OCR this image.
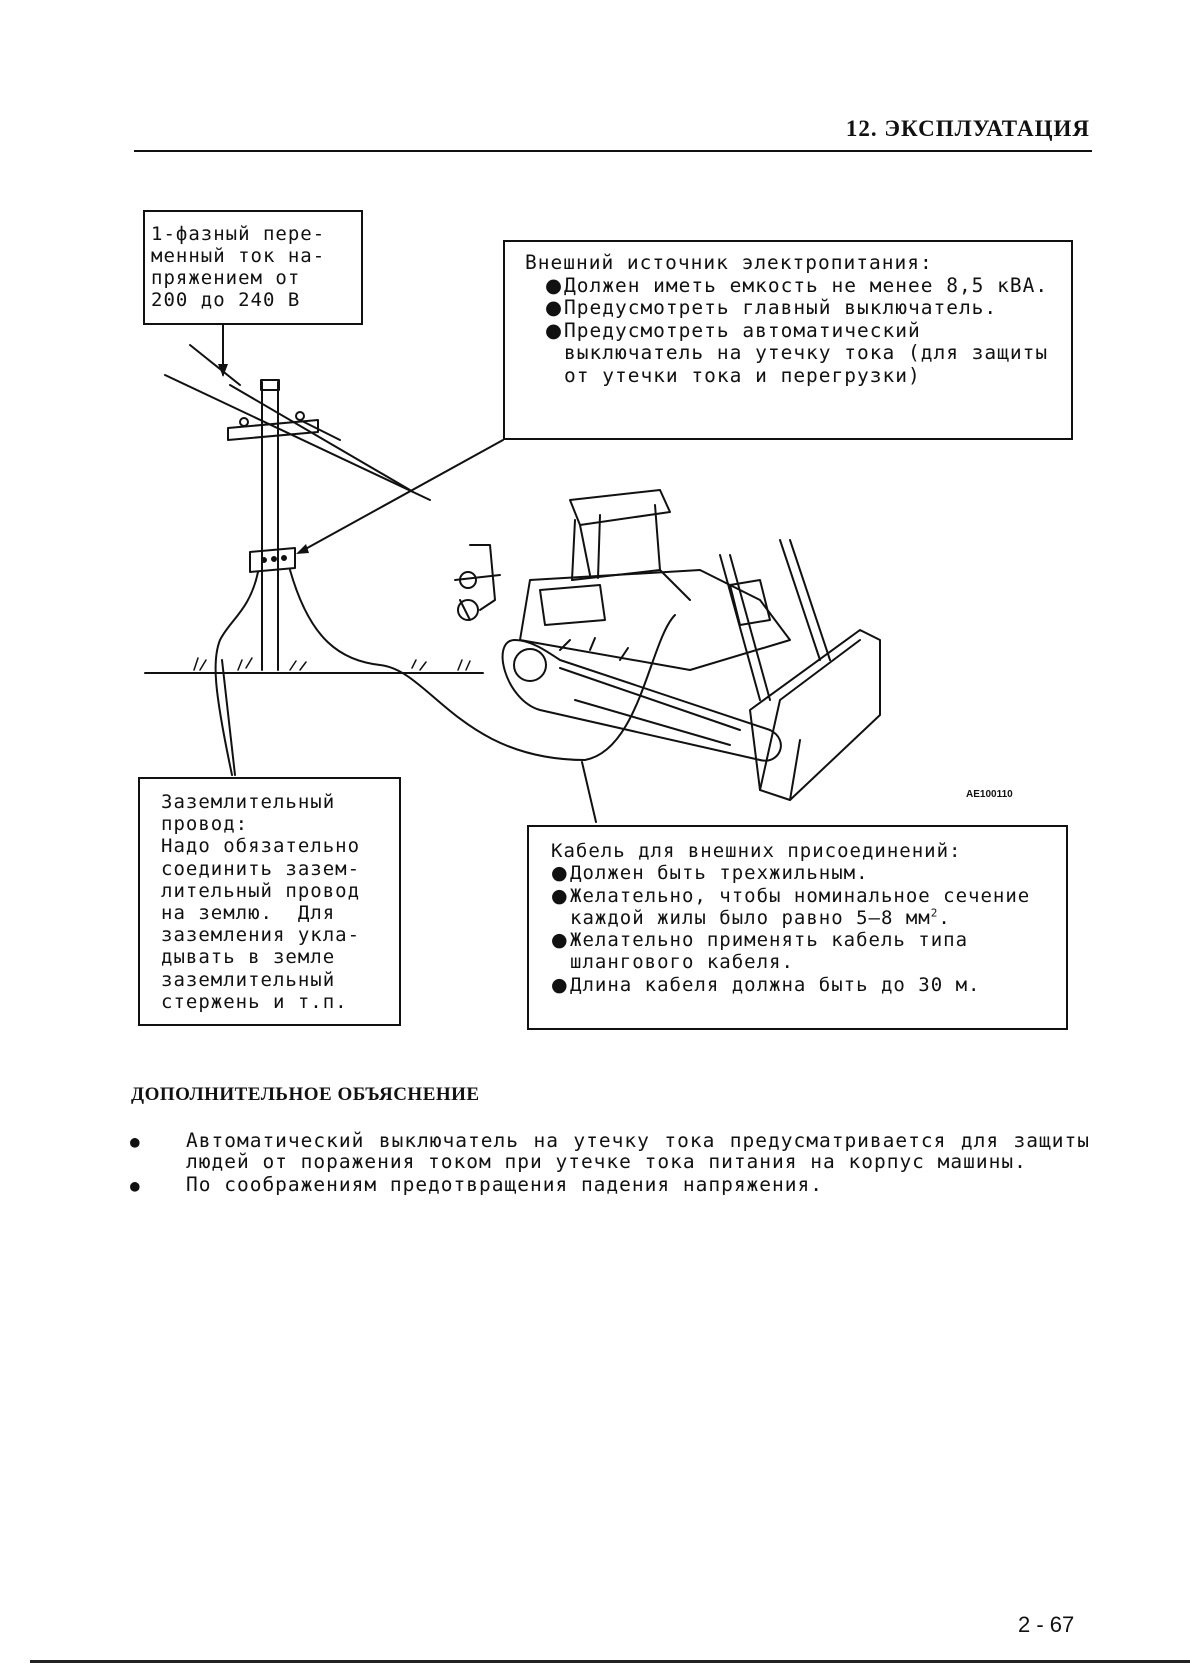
12. ЭКСПЛУАТАЦИЯ

1-фазный пере-

менный ток на-

пряжением от

200 до 240 В

Внешний источник электропитания:

● Должен иметь емкость не менее 8,5 кВА.
● Предусмотреть главный выключатель.
● Предусмотреть автоматический выключатель на утечку тока (для защиты от утечки тока и перегрузки)

Заземлительный

провод:

Надо обязательно

соединить зазем-

лительный провод

на землю.  Для

заземления укла-

дывать в земле

заземлительный

стержень и т.п.

AE100110

Кабель для внешних присоединений:

● Должен быть трехжильным.
● Желательно, чтобы номинальное сечение каждой жилы было равно 5—8 $мм^2$.
● Желательно применять кабель типа шлангового кабеля.
● Длина кабеля должна быть до 30 м.
ДОПОЛНИТЕЛЬНОЕ ОБЪЯСНЕНИЕ
●	Автоматический выключатель на утечку тока предусматривается для защиты людей от поражения током при утечке тока питания на корпус машины.
●	По соображениям предотвращения падения напряжения.
2 - 67
